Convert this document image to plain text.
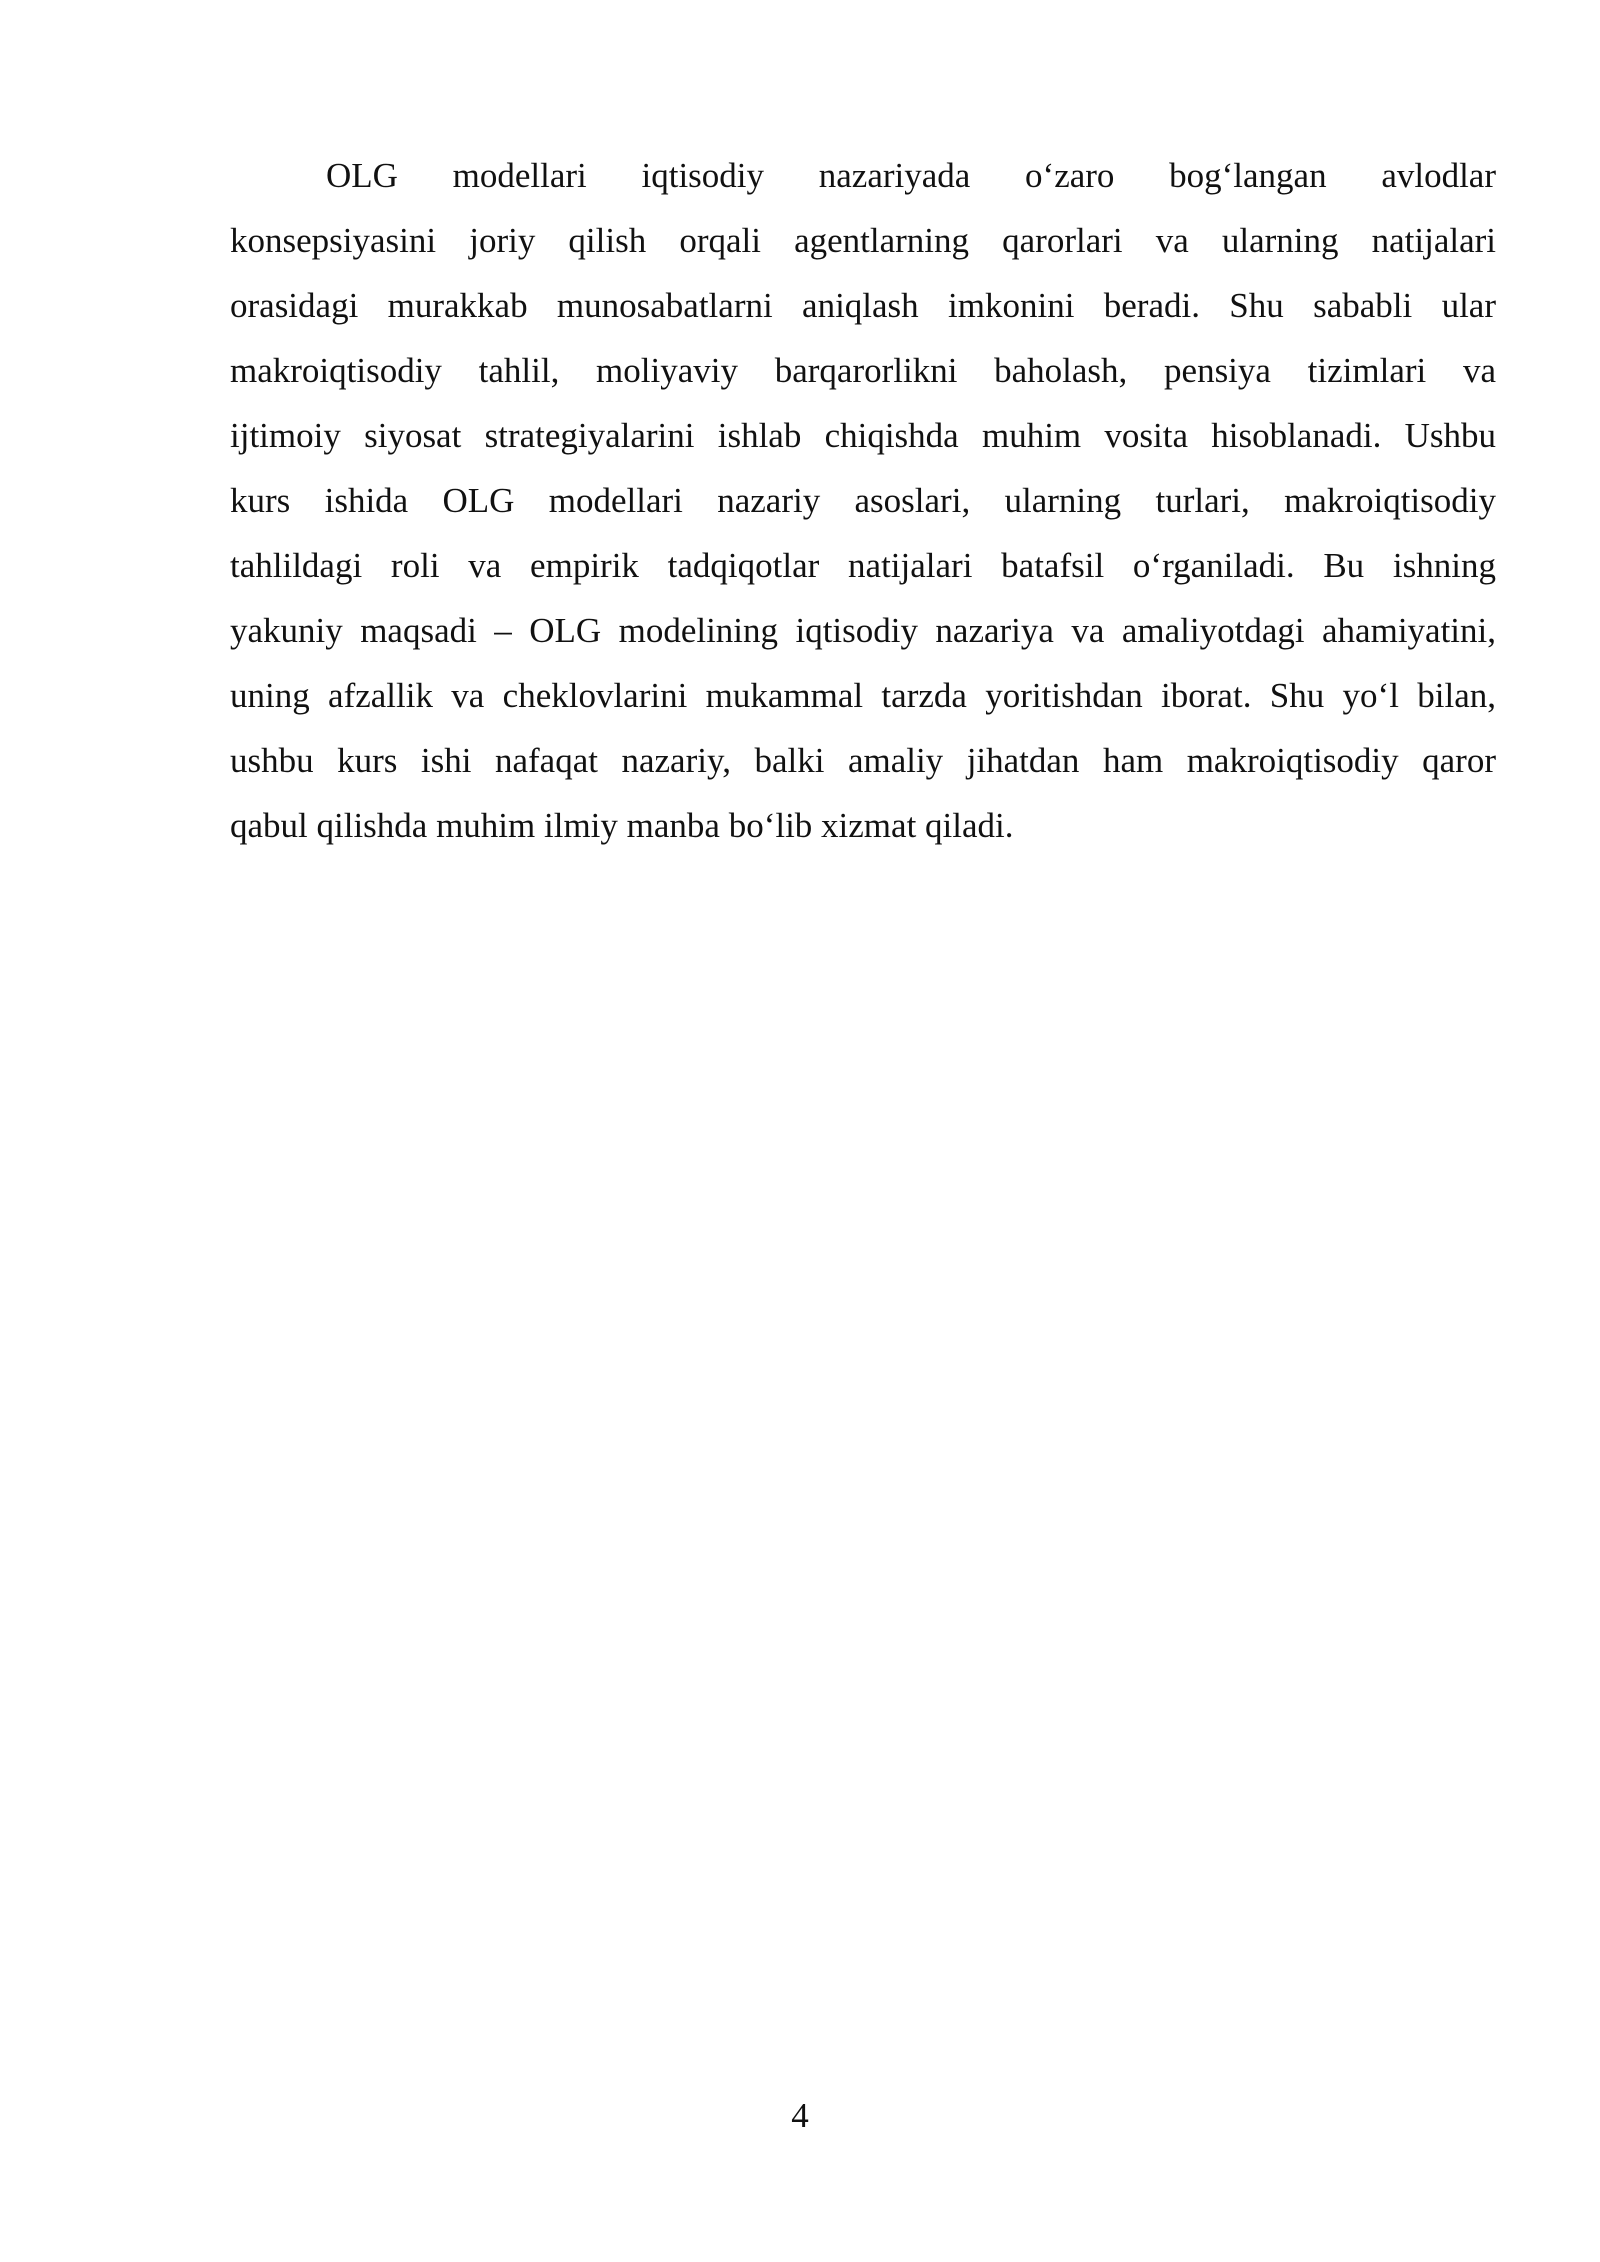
OLG modellari iqtisodiy nazariyada o‘zaro bog‘langan avlodlar

konsepsiyasini joriy qilish orqali agentlarning qarorlari va ularning natijalari

orasidagi murakkab munosabatlarni aniqlash imkonini beradi. Shu sababli ular

makroiqtisodiy tahlil, moliyaviy barqarorlikni baholash, pensiya tizimlari va

ijtimoiy siyosat strategiyalarini ishlab chiqishda muhim vosita hisoblanadi. Ushbu

kurs ishida OLG modellari nazariy asoslari, ularning turlari, makroiqtisodiy

tahlildagi roli va empirik tadqiqotlar natijalari batafsil o‘rganiladi. Bu ishning

yakuniy maqsadi – OLG modelining iqtisodiy nazariya va amaliyotdagi ahamiyatini,

uning afzallik va cheklovlarini mukammal tarzda yoritishdan iborat. Shu yo‘l bilan,

ushbu kurs ishi nafaqat nazariy, balki amaliy jihatdan ham makroiqtisodiy qaror

qabul qilishda muhim ilmiy manba bo‘lib xizmat qiladi.

4
